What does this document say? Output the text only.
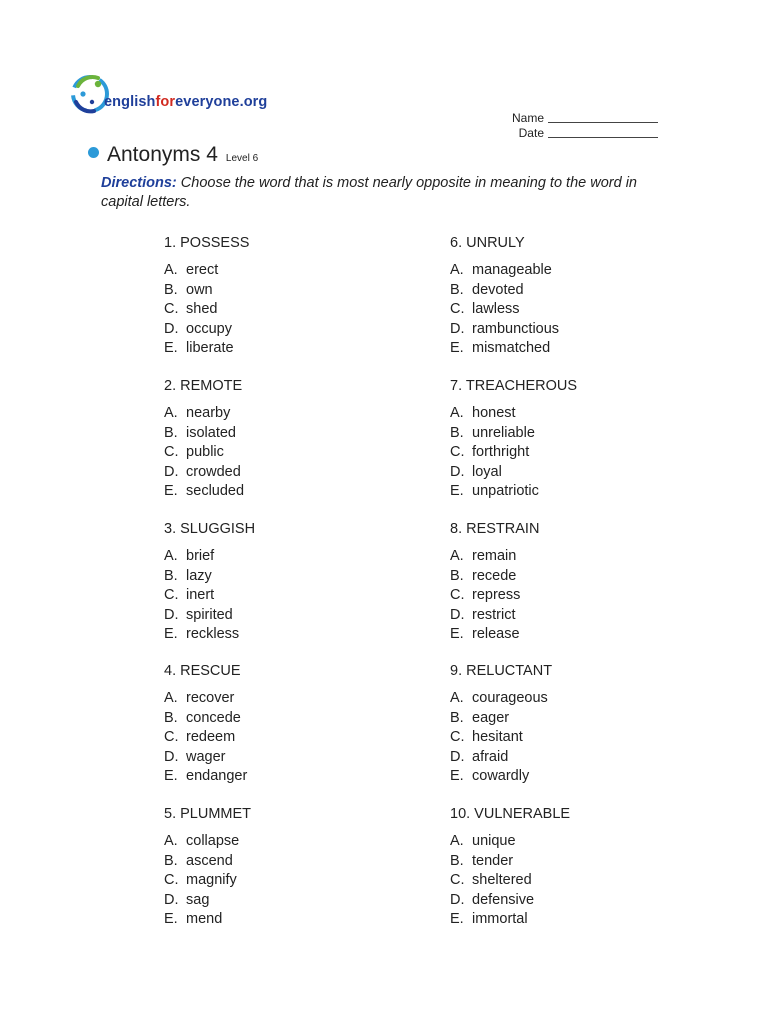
englishforeveryone.org
Name
Date
Antonyms 4 Level 6
Directions: Choose the word that is most nearly opposite in meaning to the word in capital letters.
1. POSSESS
A. erect
B. own
C. shed
D. occupy
E. liberate
2. REMOTE
A. nearby
B. isolated
C. public
D. crowded
E. secluded
3. SLUGGISH
A. brief
B. lazy
C. inert
D. spirited
E. reckless
4. RESCUE
A. recover
B. concede
C. redeem
D. wager
E. endanger
5. PLUMMET
A. collapse
B. ascend
C. magnify
D. sag
E. mend
6. UNRULY
A. manageable
B. devoted
C. lawless
D. rambunctious
E. mismatched
7. TREACHEROUS
A. honest
B. unreliable
C. forthright
D. loyal
E. unpatriotic
8. RESTRAIN
A. remain
B. recede
C. repress
D. restrict
E. release
9. RELUCTANT
A. courageous
B. eager
C. hesitant
D. afraid
E. cowardly
10. VULNERABLE
A. unique
B. tender
C. sheltered
D. defensive
E. immortal
